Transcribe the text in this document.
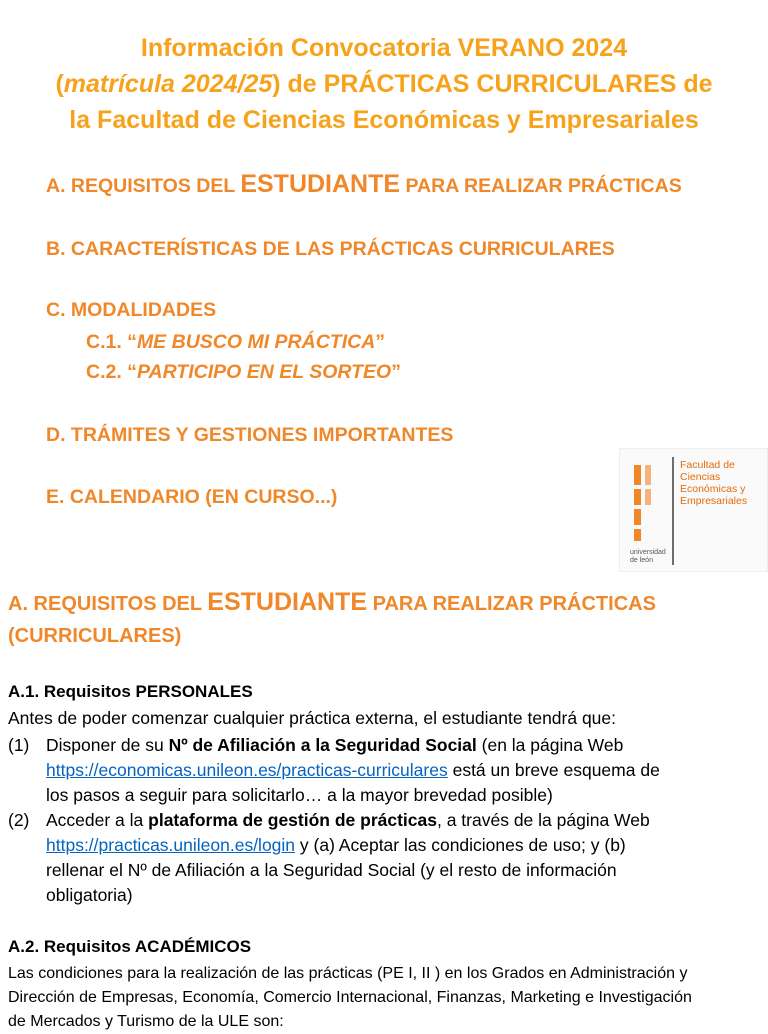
Información Convocatoria VERANO 2024
(matrícula 2024/25) de PRÁCTICAS CURRICULARES de
la Facultad de Ciencias Económicas y Empresariales
A. REQUISITOS DEL ESTUDIANTE PARA REALIZAR PRÁCTICAS
B. CARACTERÍSTICAS DE LAS PRÁCTICAS CURRICULARES
C. MODALIDADES
C.1. “ME BUSCO MI PRÁCTICA”
C.2. “PARTICIPO EN EL SORTEO”
D. TRÁMITES Y GESTIONES IMPORTANTES
E. CALENDARIO (EN CURSO...)
Facultad de
Ciencias
Económicas y
Empresariales
universidad
de león
A. REQUISITOS DEL ESTUDIANTE PARA REALIZAR PRÁCTICAS
(CURRICULARES)
A.1. Requisitos PERSONALES
Antes de poder comenzar cualquier práctica externa, el estudiante tendrá que:
(1) Disponer de su Nº de Afiliación a la Seguridad Social (en la página Web
https://economicas.unileon.es/practicas-curriculares está un breve esquema de
los pasos a seguir para solicitarlo… a la mayor brevedad posible)
(2) Acceder a la plataforma de gestión de prácticas, a través de la página Web
https://practicas.unileon.es/login y (a) Aceptar las condiciones de uso; y (b)
rellenar el Nº de Afiliación a la Seguridad Social (y el resto de información
obligatoria)
A.2. Requisitos ACADÉMICOS
Las condiciones para la realización de las prácticas (PE I, II ) en los Grados en Administración y
Dirección de Empresas, Economía, Comercio Internacional, Finanzas, Marketing e Investigación
de Mercados y Turismo de la ULE son:
